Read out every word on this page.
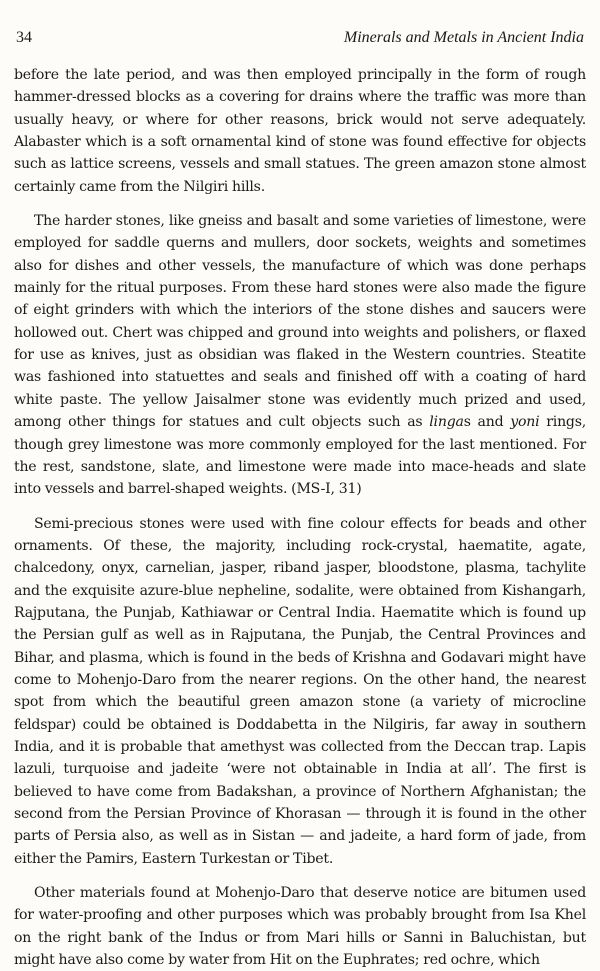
34	Minerals and Metals in Ancient India

before the late period, and was then employed principally in the form of rough hammer-dressed blocks as a covering for drains where the traffic was more than usually heavy, or where for other reasons, brick would not serve adequately. Alabaster which is a soft ornamental kind of stone was found effective for objects such as lattice screens, vessels and small statues. The green amazon stone almost certainly came from the Nilgiri hills.

The harder stones, like gneiss and basalt and some varieties of limestone, were employed for saddle querns and mullers, door sockets, weights and sometimes also for dishes and other vessels, the manufacture of which was done perhaps mainly for the ritual purposes. From these hard stones were also made the figure of eight grinders with which the interiors of the stone dishes and saucers were hollowed out. Chert was chipped and ground into weights and polishers, or flaxed for use as knives, just as obsidian was flaked in the Western countries. Steatite was fashioned into statuettes and seals and finished off with a coating of hard white paste. The yellow Jaisalmer stone was evidently much prized and used, among other things for statues and cult objects such as lingas and yoni rings, though grey limestone was more commonly employed for the last mentioned. For the rest, sandstone, slate, and limestone were made into mace-heads and slate into vessels and barrel-shaped weights. (MS-I, 31)

Semi-precious stones were used with fine colour effects for beads and other ornaments. Of these, the majority, including rock-crystal, haematite, agate, chalcedony, onyx, carnelian, jasper, riband jasper, bloodstone, plasma, tachylite and the exquisite azure-blue nepheline, sodalite, were obtained from Kishangarh, Rajputana, the Punjab, Kathiawar or Central India. Haematite which is found up the Persian gulf as well as in Rajputana, the Punjab, the Central Provinces and Bihar, and plasma, which is found in the beds of Krishna and Godavari might have come to Mohenjo-Daro from the nearer regions. On the other hand, the nearest spot from which the beautiful green amazon stone (a variety of microcline feldspar) could be obtained is Doddabetta in the Nilgiris, far away in southern India, and it is probable that amethyst was collected from the Deccan trap. Lapis lazuli, turquoise and jadeite ‘were not obtainable in India at all’. The first is believed to have come from Badakshan, a province of Northern Afghanistan; the second from the Persian Province of Khorasan — through it is found in the other parts of Persia also, as well as in Sistan — and jadeite, a hard form of jade, from either the Pamirs, Eastern Turkestan or Tibet.

Other materials found at Mohenjo-Daro that deserve notice are bitumen used for water-proofing and other purposes which was probably brought from Isa Khel on the right bank of the Indus or from Mari hills or Sanni in Baluchistan, but might have also come by water from Hit on the Euphrates; red ochre, which
